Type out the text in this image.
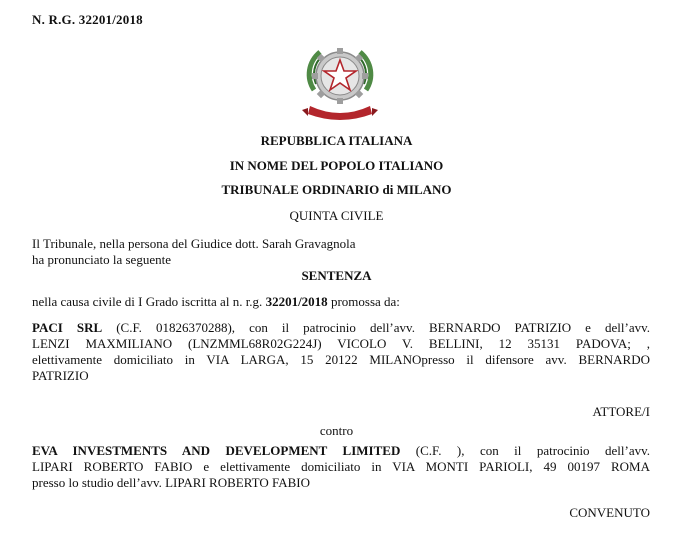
N. R.G. 32201/2018
REPUBBLICA ITALIANA
IN NOME DEL POPOLO ITALIANO
TRIBUNALE ORDINARIO di MILANO
QUINTA CIVILE
Il Tribunale, nella persona del Giudice dott. Sarah Gravagnola
ha pronunciato la seguente
SENTENZA
nella causa civile di I Grado iscritta al n. r.g. 32201/2018 promossa da:
PACI SRL (C.F. 01826370288), con il patrocinio dell’avv. BERNARDO PATRIZIO e dell’avv.
LENZI MAXMILIANO (LNZMML68R02G224J) VICOLO V. BELLINI, 12 35131 PADOVA; ,
elettivamente domiciliato in VIA LARGA, 15 20122 MILANOpresso il difensore avv. BERNARDO
PATRIZIO
ATTORE/I
contro
EVA INVESTMENTS AND DEVELOPMENT LIMITED (C.F. ), con il patrocinio dell’avv.
LIPARI ROBERTO FABIO e elettivamente domiciliato in VIA MONTI PARIOLI, 49 00197 ROMA
presso lo studio dell’avv. LIPARI ROBERTO FABIO
CONVENUTO
